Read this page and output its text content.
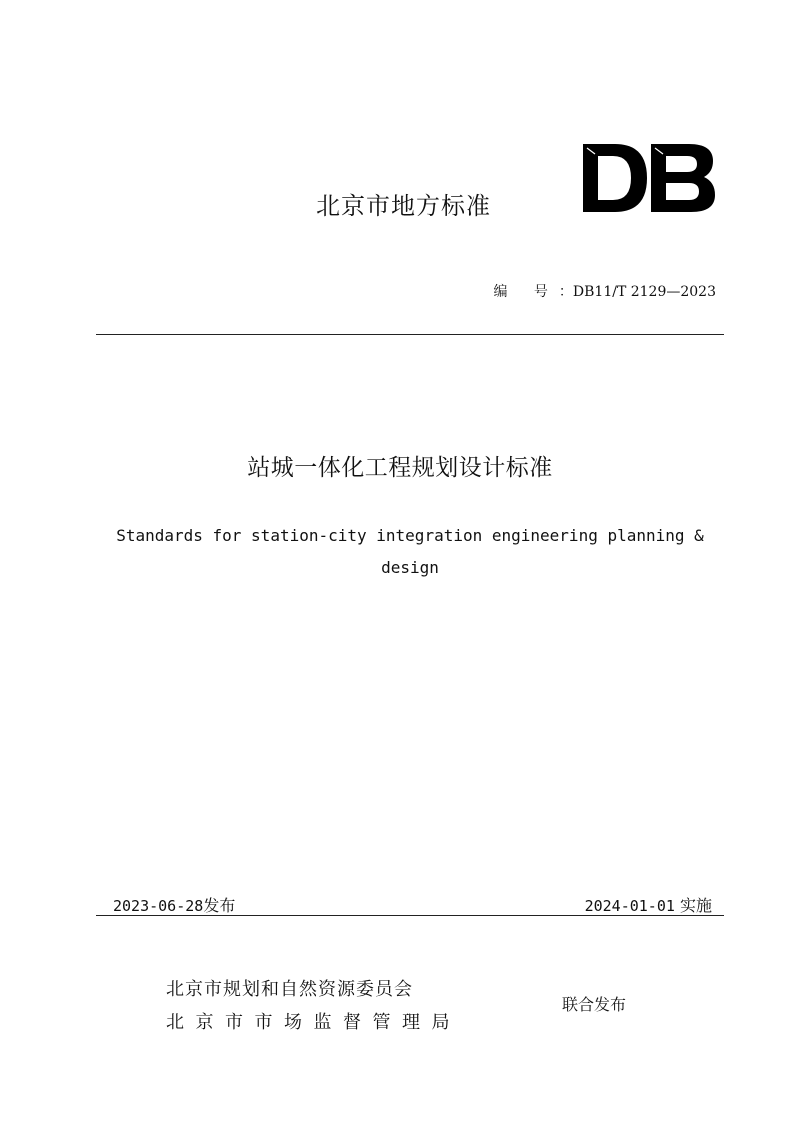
北京市地方标准
编 号：DB11/T 2129—2023
站城一体化工程规划设计标准
Standards for station-city integration engineering planning & design
2023-06-28发布	2024-01-01 实施
北京市规划和自然资源委员会
北京市市场监督管理局
联合发布
